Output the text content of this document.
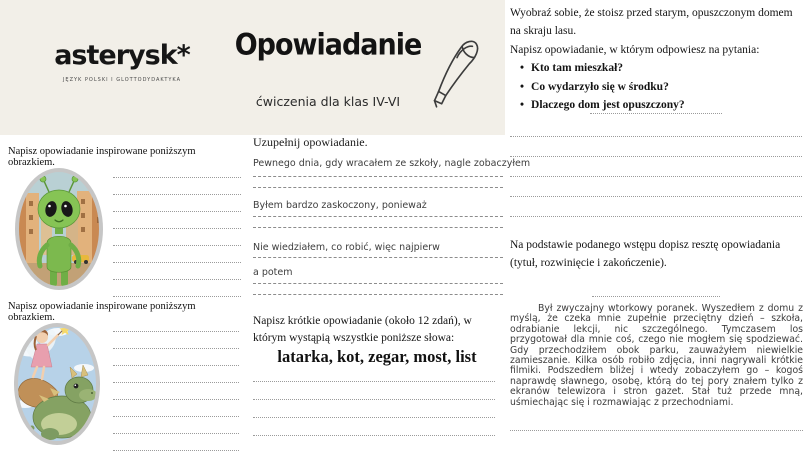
asterysk*
JĘZYK POLSKI I GLOTTODYDAKTYKA
Opowiadanie
ćwiczenia dla klas IV-VI
Napisz opowiadanie inspirowane poniższym obrazkiem.
Napisz opowiadanie inspirowane poniższym obrazkiem.
Uzupełnij opowiadanie.
Pewnego dnia, gdy wracałem ze szkoły, nagle zobaczyłem
Byłem bardzo zaskoczony, ponieważ
Nie wiedziałem, co robić, więc najpierw
a potem
Napisz krótkie opowiadanie (około 12 zdań), w którym wystąpią wszystkie poniższe słowa:
latarka, kot, zegar, most, list
Wyobraź sobie, że stoisz przed starym, opuszczonym domem na skraju lasu.
Napisz opowiadanie, w którym odpowiesz na pytania:
• Kto tam mieszkał?
• Co wydarzyło się w środku?
• Dlaczego dom jest opuszczony?
Na podstawie podanego wstępu dopisz resztę opowiadania (tytuł, rozwinięcie i zakończenie).
Był zwyczajny wtorkowy poranek. Wyszedłem z domu z myślą, że czeka mnie zupełnie przeciętny dzień – szkoła, odrabianie lekcji, nic szczególnego. Tymczasem los przygotował dla mnie coś, czego nie mogłem się spodziewać. Gdy przechodziłem obok parku, zauważyłem niewielkie zamieszanie. Kilka osób robiło zdjęcia, inni nagrywali krótkie filmiki. Podszedłem bliżej i wtedy zobaczyłem go – kogoś naprawdę sławnego, osobę, którą do tej pory znałem tylko z ekranów telewizora i stron gazet. Stał tuż przede mną, uśmiechając się i rozmawiając z przechodniami.
